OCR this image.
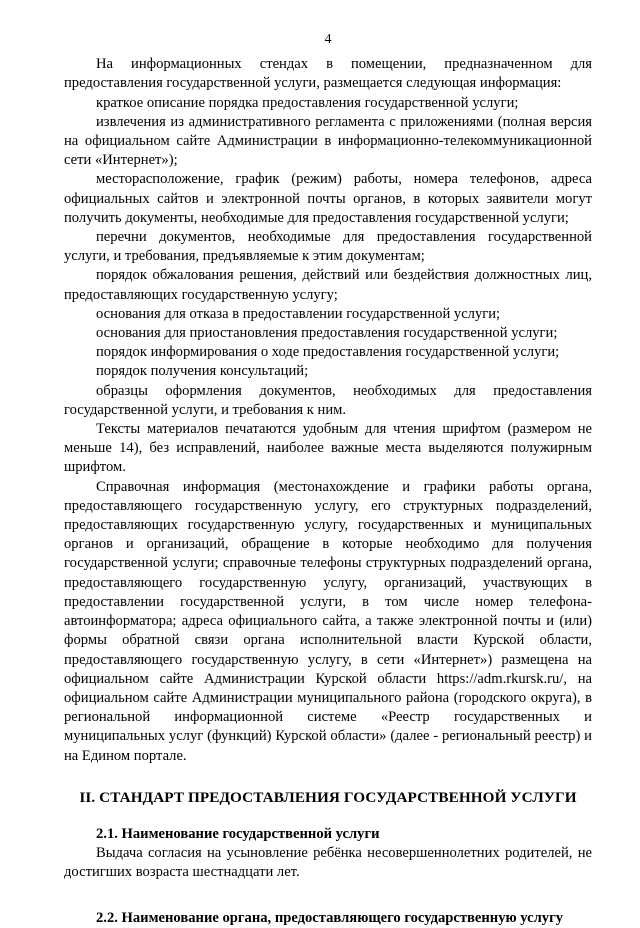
4

На информационных стендах в помещении, предназначенном для предоставления государственной услуги, размещается следующая информация:

краткое описание порядка предоставления государственной услуги;

извлечения из административного регламента с приложениями (полная версия на официальном сайте Администрации в информационно-телекоммуникационной сети «Интернет»);

месторасположение, график (режим) работы, номера телефонов, адреса официальных сайтов и электронной почты органов, в которых заявители могут получить документы, необходимые для предоставления государственной услуги;

перечни документов, необходимые для предоставления государственной услуги, и требования, предъявляемые к этим документам;

порядок обжалования решения, действий или бездействия должностных лиц, предоставляющих государственную услугу;

основания для отказа в предоставлении государственной услуги;

основания для приостановления предоставления государственной услуги;

порядок информирования о ходе предоставления государственной услуги;

порядок получения консультаций;

образцы оформления документов, необходимых для предоставления государственной услуги, и требования к ним.

Тексты материалов печатаются удобным для чтения шрифтом (размером не меньше 14), без исправлений, наиболее важные места выделяются полужирным шрифтом.

Справочная информация (местонахождение и графики работы органа, предоставляющего государственную услугу, его структурных подразделений, предоставляющих государственную услугу, государственных и муниципальных органов и организаций, обращение в которые необходимо для получения государственной услуги; справочные телефоны структурных подразделений органа, предоставляющего государственную услугу, организаций, участвующих в предоставлении государственной услуги, в том числе номер телефона-автоинформатора; адреса официального сайта, а также электронной почты и (или) формы обратной связи органа исполнительной власти Курской области, предоставляющего государственную услугу, в сети «Интернет») размещена на официальном сайте Администрации Курской области https://adm.rkursk.ru/, на официальном сайте Администрации муниципального района (городского округа), в региональной информационной системе «Реестр государственных и муниципальных услуг (функций) Курской области» (далее - региональный реестр) и на Едином портале.

II. СТАНДАРТ ПРЕДОСТАВЛЕНИЯ ГОСУДАРСТВЕННОЙ УСЛУГИ
2.1. Наименование государственной услуги

Выдача согласия на усыновление ребёнка несовершеннолетних родителей, не достигших возраста шестнадцати лет.

2.2. Наименование органа, предоставляющего государственную услугу
